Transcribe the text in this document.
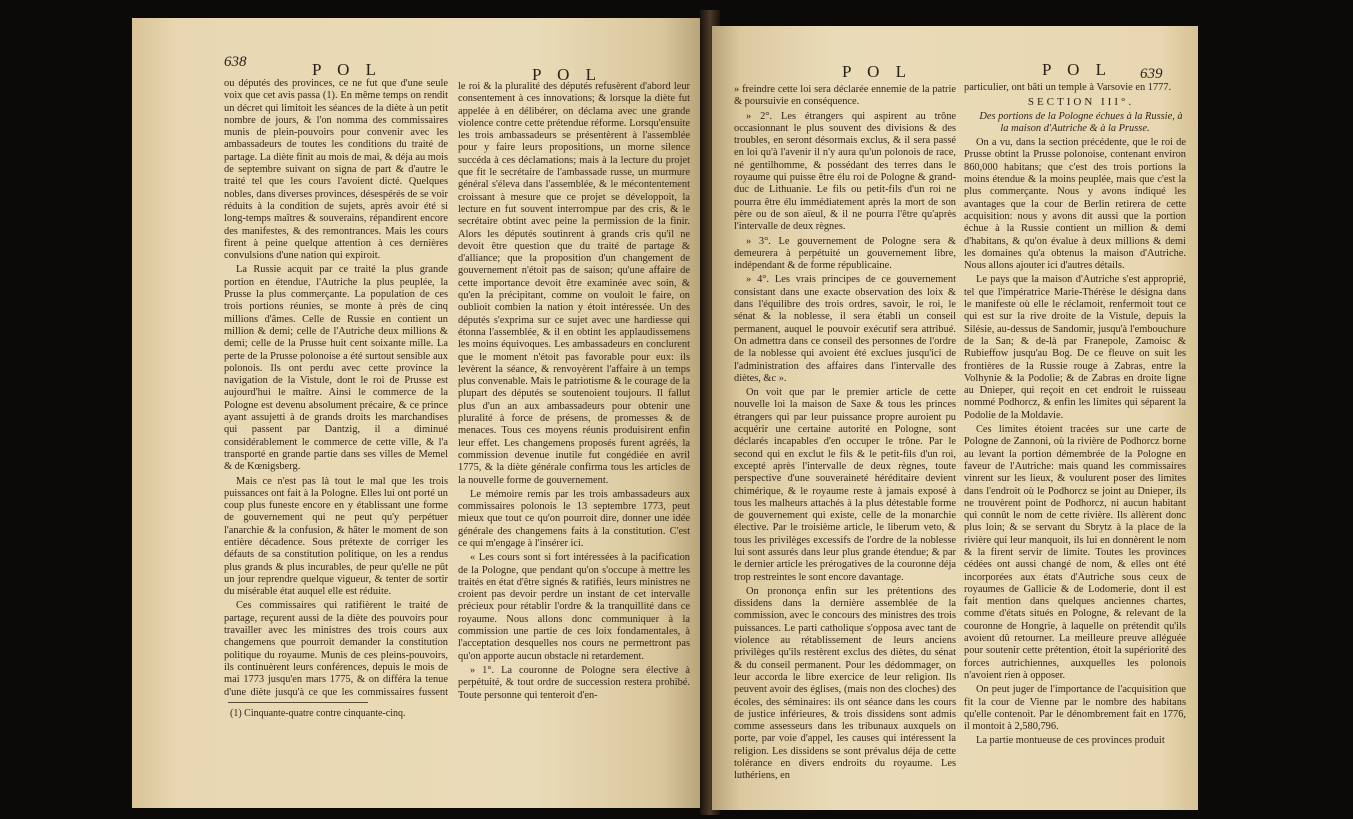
638	P O L	P O L

ou députés des provinces, ce ne fut que d'une seule voix que cet avis passa (1). En même temps on rendit un décret qui limitoit les séances de la diète à un petit nombre de jours, & l'on nomma des commissaires munis de plein-pouvoirs pour convenir avec les ambassadeurs de toutes les conditions du traité de partage. La diète finit au mois de mai, & déja au mois de septembre suivant on signa de part & d'autre le traité tel que les cours l'avoient dicté. Quelques nobles, dans diverses provinces, désespérés de se voir réduits à la condition de sujets, après avoir été si long-temps maîtres & souverains, répandirent encore des manifestes, & des remontrances. Mais les cours firent à peine quelque attention à ces dernières convulsions d'une nation qui expiroit.

La Russie acquit par ce traité la plus grande portion en étendue, l'Autriche la plus peuplée, la Prusse la plus commerçante. La population de ces trois portions réunies, se monte à près de cinq millions d'âmes. Celle de Russie en contient un million & demi; celle de l'Autriche deux millions & demi; celle de la Prusse huit cent soixante mille. La perte de la Prusse polonoise a été surtout sensible aux polonois. Ils ont perdu avec cette province la navigation de la Vistule, dont le roi de Prusse est aujourd'hui le maître. Ainsi le commerce de la Pologne est devenu absolument précaire, & ce prince ayant assujetti à de grands droits les marchandises qui passent par Dantzig, il a diminué considérablement le commerce de cette ville, & l'a transporté en grande partie dans ses villes de Memel & de Kœnigsberg.

Mais ce n'est pas là tout le mal que les trois puissances ont fait à la Pologne. Elles lui ont porté un coup plus funeste encore en y établissant une forme de gouvernement qui ne peut qu'y perpétuer l'anarchie & la confusion, & hâter le moment de son entière décadence. Sous prétexte de corriger les défauts de sa constitution politique, on les a rendus plus grands & plus incurables, de peur qu'elle ne pût un jour reprendre quelque vigueur, & tenter de sortir du misérable état auquel elle est réduite.

Ces commissaires qui ratifièrent le traité de partage, reçurent aussi de la diète des pouvoirs pour travailler avec les ministres des trois cours aux changemens que pourroit demander la constitution politique du royaume. Munis de ces pleins-pouvoirs, ils continuèrent leurs conférences, depuis le mois de mai 1773 jusqu'en mars 1775, & on différa la tenue d'une diète jusqu'à ce que les commissaires fussent

le roi & la pluralité des députés refusèrent d'abord leur consentement à ces innovations; & lorsque la diète fut appelée à en délibérer, on déclama avec une grande violence contre cette prétendue réforme. Lorsqu'ensuite les trois ambassadeurs se présentèrent à l'assemblée pour y faire leurs propositions, un morne silence succéda à ces déclamations; mais à la lecture du projet que fit le secrétaire de l'ambassade russe, un murmure général s'éleva dans l'assemblée, & le mécontentement croissant à mesure que ce projet se développoit, la lecture en fut souvent interrompue par des cris, & le secrétaire obtint avec peine la permission de la finir. Alors les députés soutinrent à grands cris qu'il ne devoit être question que du traité de partage & d'alliance; que la proposition d'un changement de gouvernement n'étoit pas de saison; qu'une affaire de cette importance devoit être examinée avec soin, & qu'en la précipitant, comme on vouloit le faire, on oublioit combien la nation y étoit intéressée. Un des députés s'exprima sur ce sujet avec une hardiesse qui étonna l'assemblée, & il en obtint les applaudissemens les moins équivoques. Les ambassadeurs en conclurent que le moment n'étoit pas favorable pour eux: ils levèrent la séance, & renvoyèrent l'affaire à un temps plus convenable. Mais le patriotisme & le courage de la plupart des députés se soutenoient toujours. Il fallut plus d'un an aux ambassadeurs pour obtenir une pluralité à force de présens, de promesses & de menaces. Tous ces moyens réunis produisirent enfin leur effet. Les changemens proposés furent agréés, la commission devenue inutile fut congédiée en avril 1775, & la diète générale confirma tous les articles de la nouvelle forme de gouvernement.

Le mémoire remis par les trois ambassadeurs aux commissaires polonois le 13 septembre 1773, peut mieux que tout ce qu'on pourroit dire, donner une idée générale des changemens faits à la constitution. C'est ce qui m'engage à l'insérer ici.

« Les cours sont si fort intéressées à la pacification de la Pologne, que pendant qu'on s'occupe à mettre les traités en état d'être signés & ratifiés, leurs ministres ne croient pas devoir perdre un instant de cet intervalle précieux pour rétablir l'ordre & la tranquillité dans ce royaume. Nous allons donc communiquer à la commission une partie de ces loix fondamentales, à l'acceptation desquelles nos cours ne permettront pas qu'on apporte aucun obstacle ni retardement.

» 1°. La couronne de Pologne sera élective à perpétuité, & tout ordre de succession restera prohibé. Toute personne qui tenteroit d'en-

(1) Cinquante-quatre contre cinquante-cinq.
P O L	P O L 639

» freindre cette loi sera déclarée ennemie de la patrie & poursuivie en conséquence.

» 2°. Les étrangers qui aspirent au trône occasionnant le plus souvent des divisions & des troubles, en seront désormais exclus, & il sera passé en loi qu'à l'avenir il n'y aura qu'un polonois de race, né gentilhomme, & possédant des terres dans le royaume qui puisse être élu roi de Pologne & grand-duc de Lithuanie. Le fils ou petit-fils d'un roi ne pourra être élu immédiatement après la mort de son père ou de son aïeul, & il ne pourra l'être qu'après l'intervalle de deux règnes.

» 3°. Le gouvernement de Pologne sera & demeurera à perpétuité un gouvernement libre, indépendant & de forme républicaine.

» 4°. Les vrais principes de ce gouvernement consistant dans une exacte observation des loix & dans l'équilibre des trois ordres, savoir, le roi, le sénat & la noblesse, il sera établi un conseil permanent, auquel le pouvoir exécutif sera attribué. On admettra dans ce conseil des personnes de l'ordre de la noblesse qui avoient été exclues jusqu'ici de l'administration des affaires dans l'intervalle des diètes, &c ».

On voit que par le premier article de cette nouvelle loi la maison de Saxe & tous les princes étrangers qui par leur puissance propre auroient pu acquérir une certaine autorité en Pologne, sont déclarés incapables d'en occuper le trône. Par le second qui en exclut le fils & le petit-fils d'un roi, excepté après l'intervalle de deux règnes, toute perspective d'une souveraineté héréditaire devient chimérique, & le royaume reste à jamais exposé à tous les malheurs attachés à la plus détestable forme de gouvernement qui existe, celle de la monarchie élective. Par le troisième article, le liberum veto, & tous les privilèges excessifs de l'ordre de la noblesse lui sont assurés dans leur plus grande étendue; & par le dernier article les prérogatives de la couronne déja trop restreintes le sont encore davantage.

On prononça enfin sur les prétentions des dissidens dans la dernière assemblée de la commission, avec le concours des ministres des trois puissances. Le parti catholique s'opposa avec tant de violence au rétablissement de leurs anciens privilèges qu'ils restèrent exclus des diètes, du sénat & du conseil permanent. Pour les dédommager, on leur accorda le libre exercice de leur religion. Ils peuvent avoir des églises, (mais non des cloches) des écoles, des séminaires: ils ont séance dans les cours de justice inférieures, & trois dissidens sont admis comme assesseurs dans les tribunaux auxquels on porte, par voie d'appel, les causes qui intéressent la religion. Les dissidens se sont prévalus déja de cette tolérance en divers endroits du royaume. Les luthériens, en

particulier, ont bâti un temple à Varsovie en 1777.

SECTION III°.

Des portions de la Pologne échues à la Russie, à la maison d'Autriche & à la Prusse.

On a vu, dans la section précédente, que le roi de Prusse obtint la Prusse polonoise, contenant environ 860,000 habitans; que c'est des trois portions la moins étendue & la moins peuplée, mais que c'est la plus commerçante. Nous y avons indiqué les avantages que la cour de Berlin retirera de cette acquisition: nous y avons dit aussi que la portion échue à la Russie contient un million & demi d'habitans, & qu'on évalue à deux millions & demi les domaines qu'a obtenus la maison d'Autriche. Nous allons ajouter ici d'autres détails.

Le pays que la maison d'Autriche s'est approprié, tel que l'impératrice Marie-Thérèse le désigna dans le manifeste où elle le réclamoit, renfermoit tout ce qui est sur la rive droite de la Vistule, depuis la Silésie, au-dessus de Sandomir, jusqu'à l'embouchure de la San; & de-là par Franepole, Zamoisc & Rubieffow jusqu'au Bog. De ce fleuve on suit les frontières de la Russie rouge à Zabras, entre la Volhynie & la Podolie; & de Zabras en droite ligne au Dnieper, qui reçoit en cet endroit le ruisseau nommé Podhorcz, & enfin les limites qui séparent la Podolie de la Moldavie.

Ces limites étoient tracées sur une carte de Pologne de Zannoni, où la rivière de Podhorcz borne au levant la portion démembrée de la Pologne en faveur de l'Autriche: mais quand les commissaires vinrent sur les lieux, & voulurent poser des limites dans l'endroit où le Podhorcz se joint au Dnieper, ils ne trouvèrent point de Podhorcz, ni aucun habitant qui connût le nom de cette rivière. Ils allèrent donc plus loin; & se servant du Sbrytz à la place de la rivière qui leur manquoit, ils lui en donnèrent le nom & la firent servir de limite. Toutes les provinces cédées ont aussi changé de nom, & elles ont été incorporées aux états d'Autriche sous ceux de royaumes de Gallicie & de Lodomerie, dont il est fait mention dans quelques anciennes chartes, comme d'états situés en Pologne, & relevant de la couronne de Hongrie, à laquelle on prétendit qu'ils avoient dû retourner. La meilleure preuve alléguée pour soutenir cette prétention, étoit la supériorité des forces autrichiennes, auxquelles les polonois n'avoient rien à opposer.

On peut juger de l'importance de l'acquisition que fit la cour de Vienne par le nombre des habitans qu'elle contenoit. Par le dénombrement fait en 1776, il montoit à 2,580,796.

La partie montueuse de ces provinces produit
